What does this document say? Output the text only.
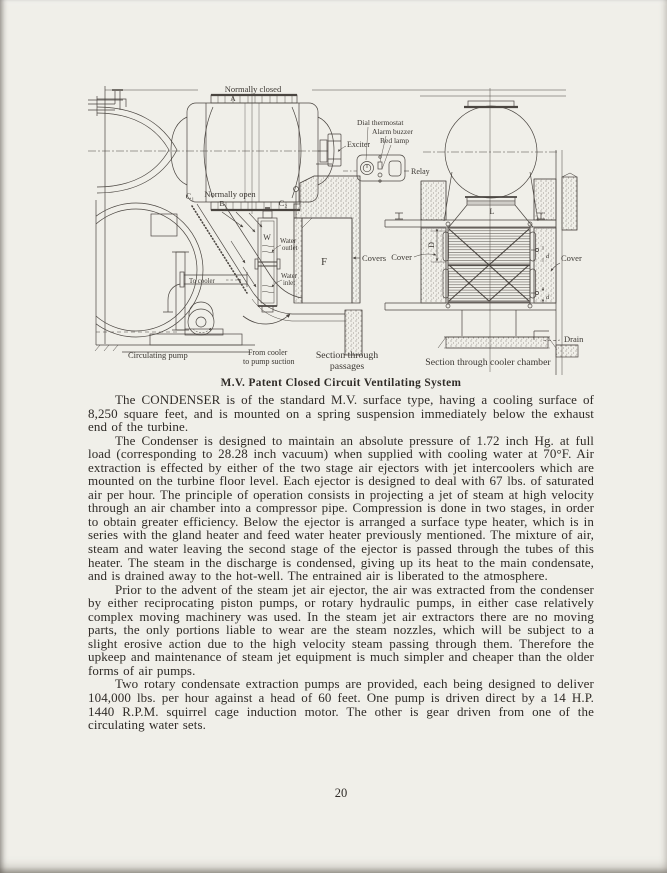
Normally closed
A
Normally open
B
C₁
C₂
Exciter
Dial thermostat
Alarm buzzer
Red lamp
Relay
W Water
outlet
Water
inlet
F	Covers
To cooler
Circulating pump	From cooler
to pump suction
Section through
passages
L
D
d
d
Cover	Cover
Drain
Section through cooler chamber
M.V. Patent Closed Circuit Ventilating System

The CONDENSER is of the standard M.V. surface type, having a cooling surface of 8,250 square feet, and is mounted on a spring suspension immediately below the exhaust end of the turbine.

The Condenser is designed to maintain an absolute pressure of 1.72 inch Hg. at full load (corresponding to 28.28 inch vacuum) when supplied with cooling water at 70°F. Air extraction is effected by either of the two stage air ejectors with jet intercoolers which are mounted on the turbine floor level. Each ejector is designed to deal with 67 lbs. of saturated air per hour. The principle of operation consists in projecting a jet of steam at high velocity through an air chamber into a compressor pipe. Compression is done in two stages, in order to obtain greater efficiency. Below the ejector is arranged a surface type heater, which is in series with the gland heater and feed water heater previously mentioned. The mixture of air, steam and water leaving the second stage of the ejector is passed through the tubes of this heater. The steam in the discharge is condensed, giving up its heat to the main condensate, and is drained away to the hot-well. The entrained air is liberated to the atmosphere.

Prior to the advent of the steam jet air ejector, the air was extracted from the condenser by either reciprocating piston pumps, or rotary hydraulic pumps, in either case relatively complex moving machinery was used. In the steam jet air extractors there are no moving parts, the only portions liable to wear are the steam nozzles, which will be subject to a slight erosive action due to the high velocity steam passing through them. Therefore the upkeep and maintenance of steam jet equipment is much simpler and cheaper than the older forms of air pumps.

Two rotary condensate extraction pumps are provided, each being designed to deliver 104,000 lbs. per hour against a head of 60 feet. One pump is driven direct by a 14 H.P. 1440 R.P.M. squirrel cage induction motor. The other is gear driven from one of the circulating water sets.

20
